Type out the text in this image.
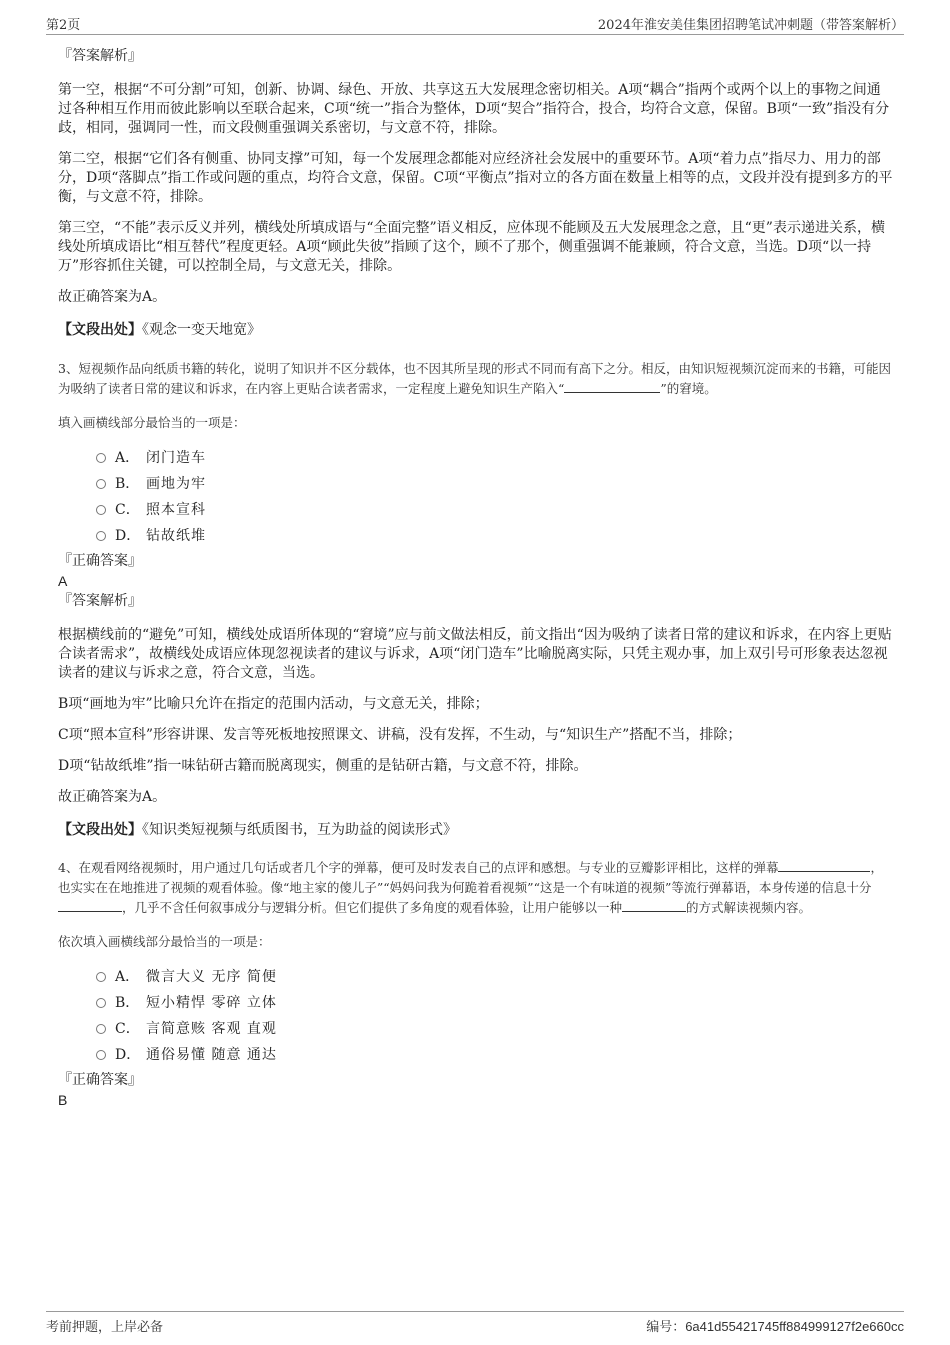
第2页	2024年淮安美佳集团招聘笔试冲刺题（带答案解析）
『答案解析』

第一空，根据“不可分割”可知，创新、协调、绿色、开放、共享这五大发展理念密切相关。A项“耦合”指两个或两个以上的事物之间通过各种相互作用而彼此影响以至联合起来，C项“统一”指合为整体，D项“契合”指符合，投合，均符合文意，保留。B项“一致”指没有分歧，相同，强调同一性，而文段侧重强调关系密切，与文意不符，排除。

第二空，根据“它们各有侧重、协同支撑”可知，每一个发展理念都能对应经济社会发展中的重要环节。A项“着力点”指尽力、用力的部分，D项“落脚点”指工作或问题的重点，均符合文意，保留。C项“平衡点”指对立的各方面在数量上相等的点，文段并没有提到多方的平衡，与文意不符，排除。

第三空，“不能”表示反义并列，横线处所填成语与“全面完整”语义相反，应体现不能顾及五大发展理念之意，且“更”表示递进关系，横线处所填成语比“相互替代”程度更轻。A项“顾此失彼”指顾了这个，顾不了那个，侧重强调不能兼顾，符合文意，当选。D项“以一持万”形容抓住关键，可以控制全局，与文意无关，排除。

故正确答案为A。

【文段出处】《观念一变天地宽》

3、短视频作品向纸质书籍的转化，说明了知识并不区分载体，也不因其所呈现的形式不同而有高下之分。相反，由知识短视频沉淀而来的书籍，可能因为吸纳了读者日常的建议和诉求，在内容上更贴合读者需求，一定程度上避免知识生产陷入“	”的窘境。

填入画横线部分最恰当的一项是：

A． 闭门造车
B． 画地为牢
C． 照本宣科
D． 钻故纸堆
『正确答案』
A
『答案解析』

根据横线前的“避免”可知，横线处成语所体现的“窘境”应与前文做法相反，前文指出“因为吸纳了读者日常的建议和诉求，在内容上更贴合读者需求”，故横线处成语应体现忽视读者的建议与诉求，A项“闭门造车”比喻脱离实际，只凭主观办事，加上双引号可形象表达忽视读者的建议与诉求之意，符合文意，当选。

B项“画地为牢”比喻只允许在指定的范围内活动，与文意无关，排除；

C项“照本宣科”形容讲课、发言等死板地按照课文、讲稿，没有发挥，不生动，与“知识生产”搭配不当，排除；

D项“钻故纸堆”指一味钻研古籍而脱离现实，侧重的是钻研古籍，与文意不符，排除。

故正确答案为A。

【文段出处】《知识类短视频与纸质图书，互为助益的阅读形式》

4、在观看网络视频时，用户通过几句话或者几个字的弹幕，便可及时发表自己的点评和感想。与专业的豆瓣影评相比，这样的弹幕	，也实实在在地推进了视频的观看体验。像“地主家的傻儿子”“妈妈问我为何跪着看视频”“这是一个有味道的视频”等流行弹幕语，本身传递的信息十分，几乎不含任何叙事成分与逻辑分析。但它们提供了多角度的观看体验，让用户能够以一种	的方式解读视频内容。

依次填入画横线部分最恰当的一项是：

A． 微言大义 无序 简便
B． 短小精悍 零碎 立体
C． 言简意赅 客观 直观
D． 通俗易懂 随意 通达
『正确答案』
B
考前押题，上岸必备	编号：6a41d55421745ff884999127f2e660cc
